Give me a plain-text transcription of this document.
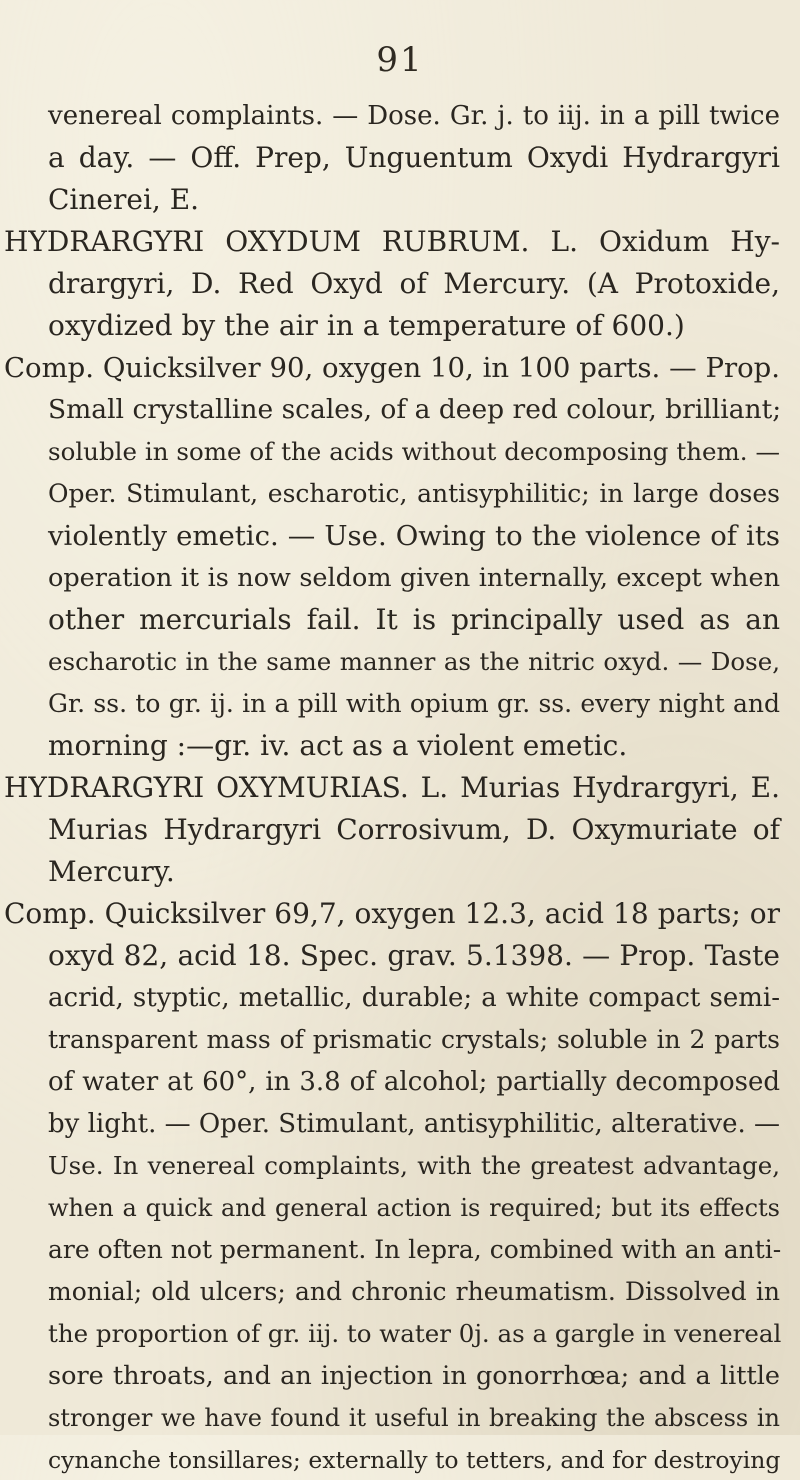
91
venereal complaints. — Dose. Gr. j. to iij. in a pill twice
a day. — Off. Prep, Unguentum Oxydi Hydrargyri
Cinerei, E.
HYDRARGYRI OXYDUM RUBRUM. L. Oxidum Hy-
drargyri, D. Red Oxyd of Mercury. (A Protoxide,
oxydized by the air in a temperature of 600.)
Comp. Quicksilver 90, oxygen 10, in 100 parts. — Prop.
Small crystalline scales, of a deep red colour, brilliant;
soluble in some of the acids without decomposing them. —
Oper. Stimulant, escharotic, antisyphilitic; in large doses
violently emetic. — Use. Owing to the violence of its
operation it is now seldom given internally, except when
other mercurials fail. It is principally used as an
escharotic in the same manner as the nitric oxyd. — Dose,
Gr. ss. to gr. ij. in a pill with opium gr. ss. every night and
morning :—gr. iv. act as a violent emetic.
HYDRARGYRI OXYMURIAS. L. Murias Hydrargyri, E.
Murias Hydrargyri Corrosivum, D. Oxymuriate of
Mercury.
Comp. Quicksilver 69,7, oxygen 12.3, acid 18 parts; or
oxyd 82, acid 18. Spec. grav. 5.1398. — Prop. Taste
acrid, styptic, metallic, durable; a white compact semi-
transparent mass of prismatic crystals; soluble in 2 parts
of water at 60°, in 3.8 of alcohol; partially decomposed
by light. — Oper. Stimulant, antisyphilitic, alterative. —
Use. In venereal complaints, with the greatest advantage,
when a quick and general action is required; but its effects
are often not permanent. In lepra, combined with an anti-
monial; old ulcers; and chronic rheumatism. Dissolved in
the proportion of gr. iij. to water 0j. as a gargle in venereal
sore throats, and an injection in gonorrhœa; and a little
stronger we have found it useful in breaking the abscess in
cynanche tonsillares; externally to tetters, and for destroying
